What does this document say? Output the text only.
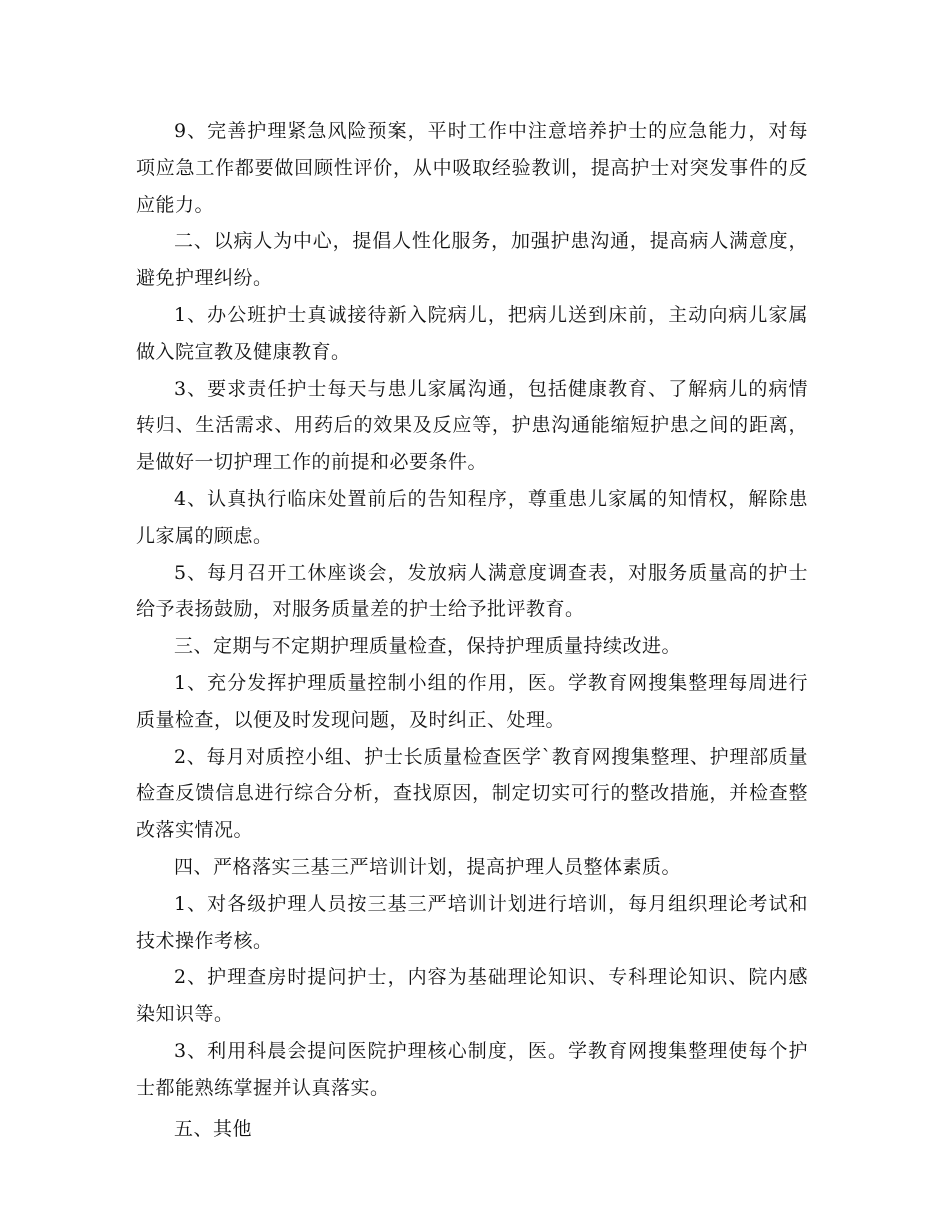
9、完善护理紧急风险预案，平时工作中注意培养护士的应急能力，对每项应急工作都要做回顾性评价，从中吸取经验教训，提高护士对突发事件的反应能力。

二、以病人为中心，提倡人性化服务，加强护患沟通，提高病人满意度，避免护理纠纷。

1、办公班护士真诚接待新入院病儿，把病儿送到床前，主动向病儿家属做入院宣教及健康教育。

3、要求责任护士每天与患儿家属沟通，包括健康教育、了解病儿的病情转归、生活需求、用药后的效果及反应等，护患沟通能缩短护患之间的距离，是做好一切护理工作的前提和必要条件。

4、认真执行临床处置前后的告知程序，尊重患儿家属的知情权，解除患儿家属的顾虑。

5、每月召开工休座谈会，发放病人满意度调查表，对服务质量高的护士给予表扬鼓励，对服务质量差的护士给予批评教育。

三、定期与不定期护理质量检查，保持护理质量持续改进。

1、充分发挥护理质量控制小组的作用，医。学教育网搜集整理每周进行质量检查，以便及时发现问题，及时纠正、处理。

2、每月对质控小组、护士长质量检查医学`教育网搜集整理、护理部质量检查反馈信息进行综合分析，查找原因，制定切实可行的整改措施，并检查整改落实情况。

四、严格落实三基三严培训计划，提高护理人员整体素质。

1、对各级护理人员按三基三严培训计划进行培训，每月组织理论考试和技术操作考核。

2、护理查房时提问护士，内容为基础理论知识、专科理论知识、院内感染知识等。

3、利用科晨会提问医院护理核心制度，医。学教育网搜集整理使每个护士都能熟练掌握并认真落实。

五、其他
